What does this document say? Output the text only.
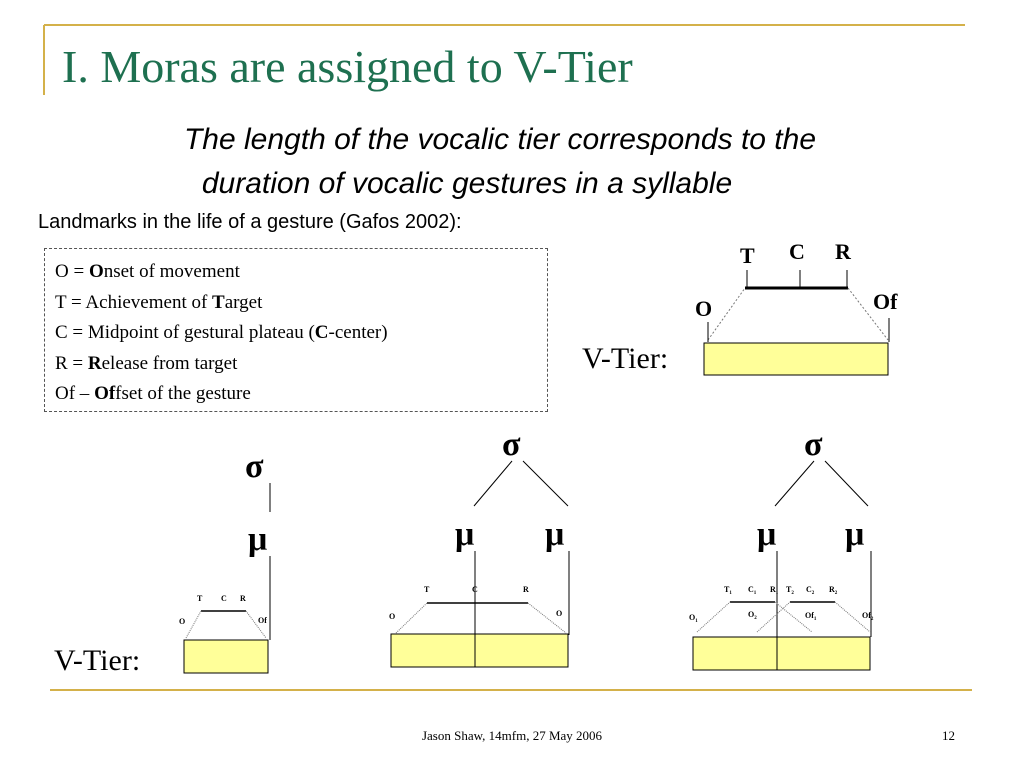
I. Moras are assigned to V-Tier
The length of the vocalic tier corresponds to the
duration of vocalic gestures in a syllable
Landmarks in the life of a gesture (Gafos 2002):
O = Onset of movement
T = Achievement of Target
C = Midpoint of gestural plateau (C-center)
R = Release from target
Of – Offset of the gesture
T C R
O	Of
V-Tier:
σ
μ
T C R
O	Of
V-Tier:
σ
μ μ
T	C	R
O	O
σ
μ μ
$T_1$ $C_1$ $R_1$ $T_2$ $C_2$ $R_2$
$O_1$
$O_2$	$Of_1$	$Of_2$
Jason Shaw, 14mfm, 27 May 2006	12
